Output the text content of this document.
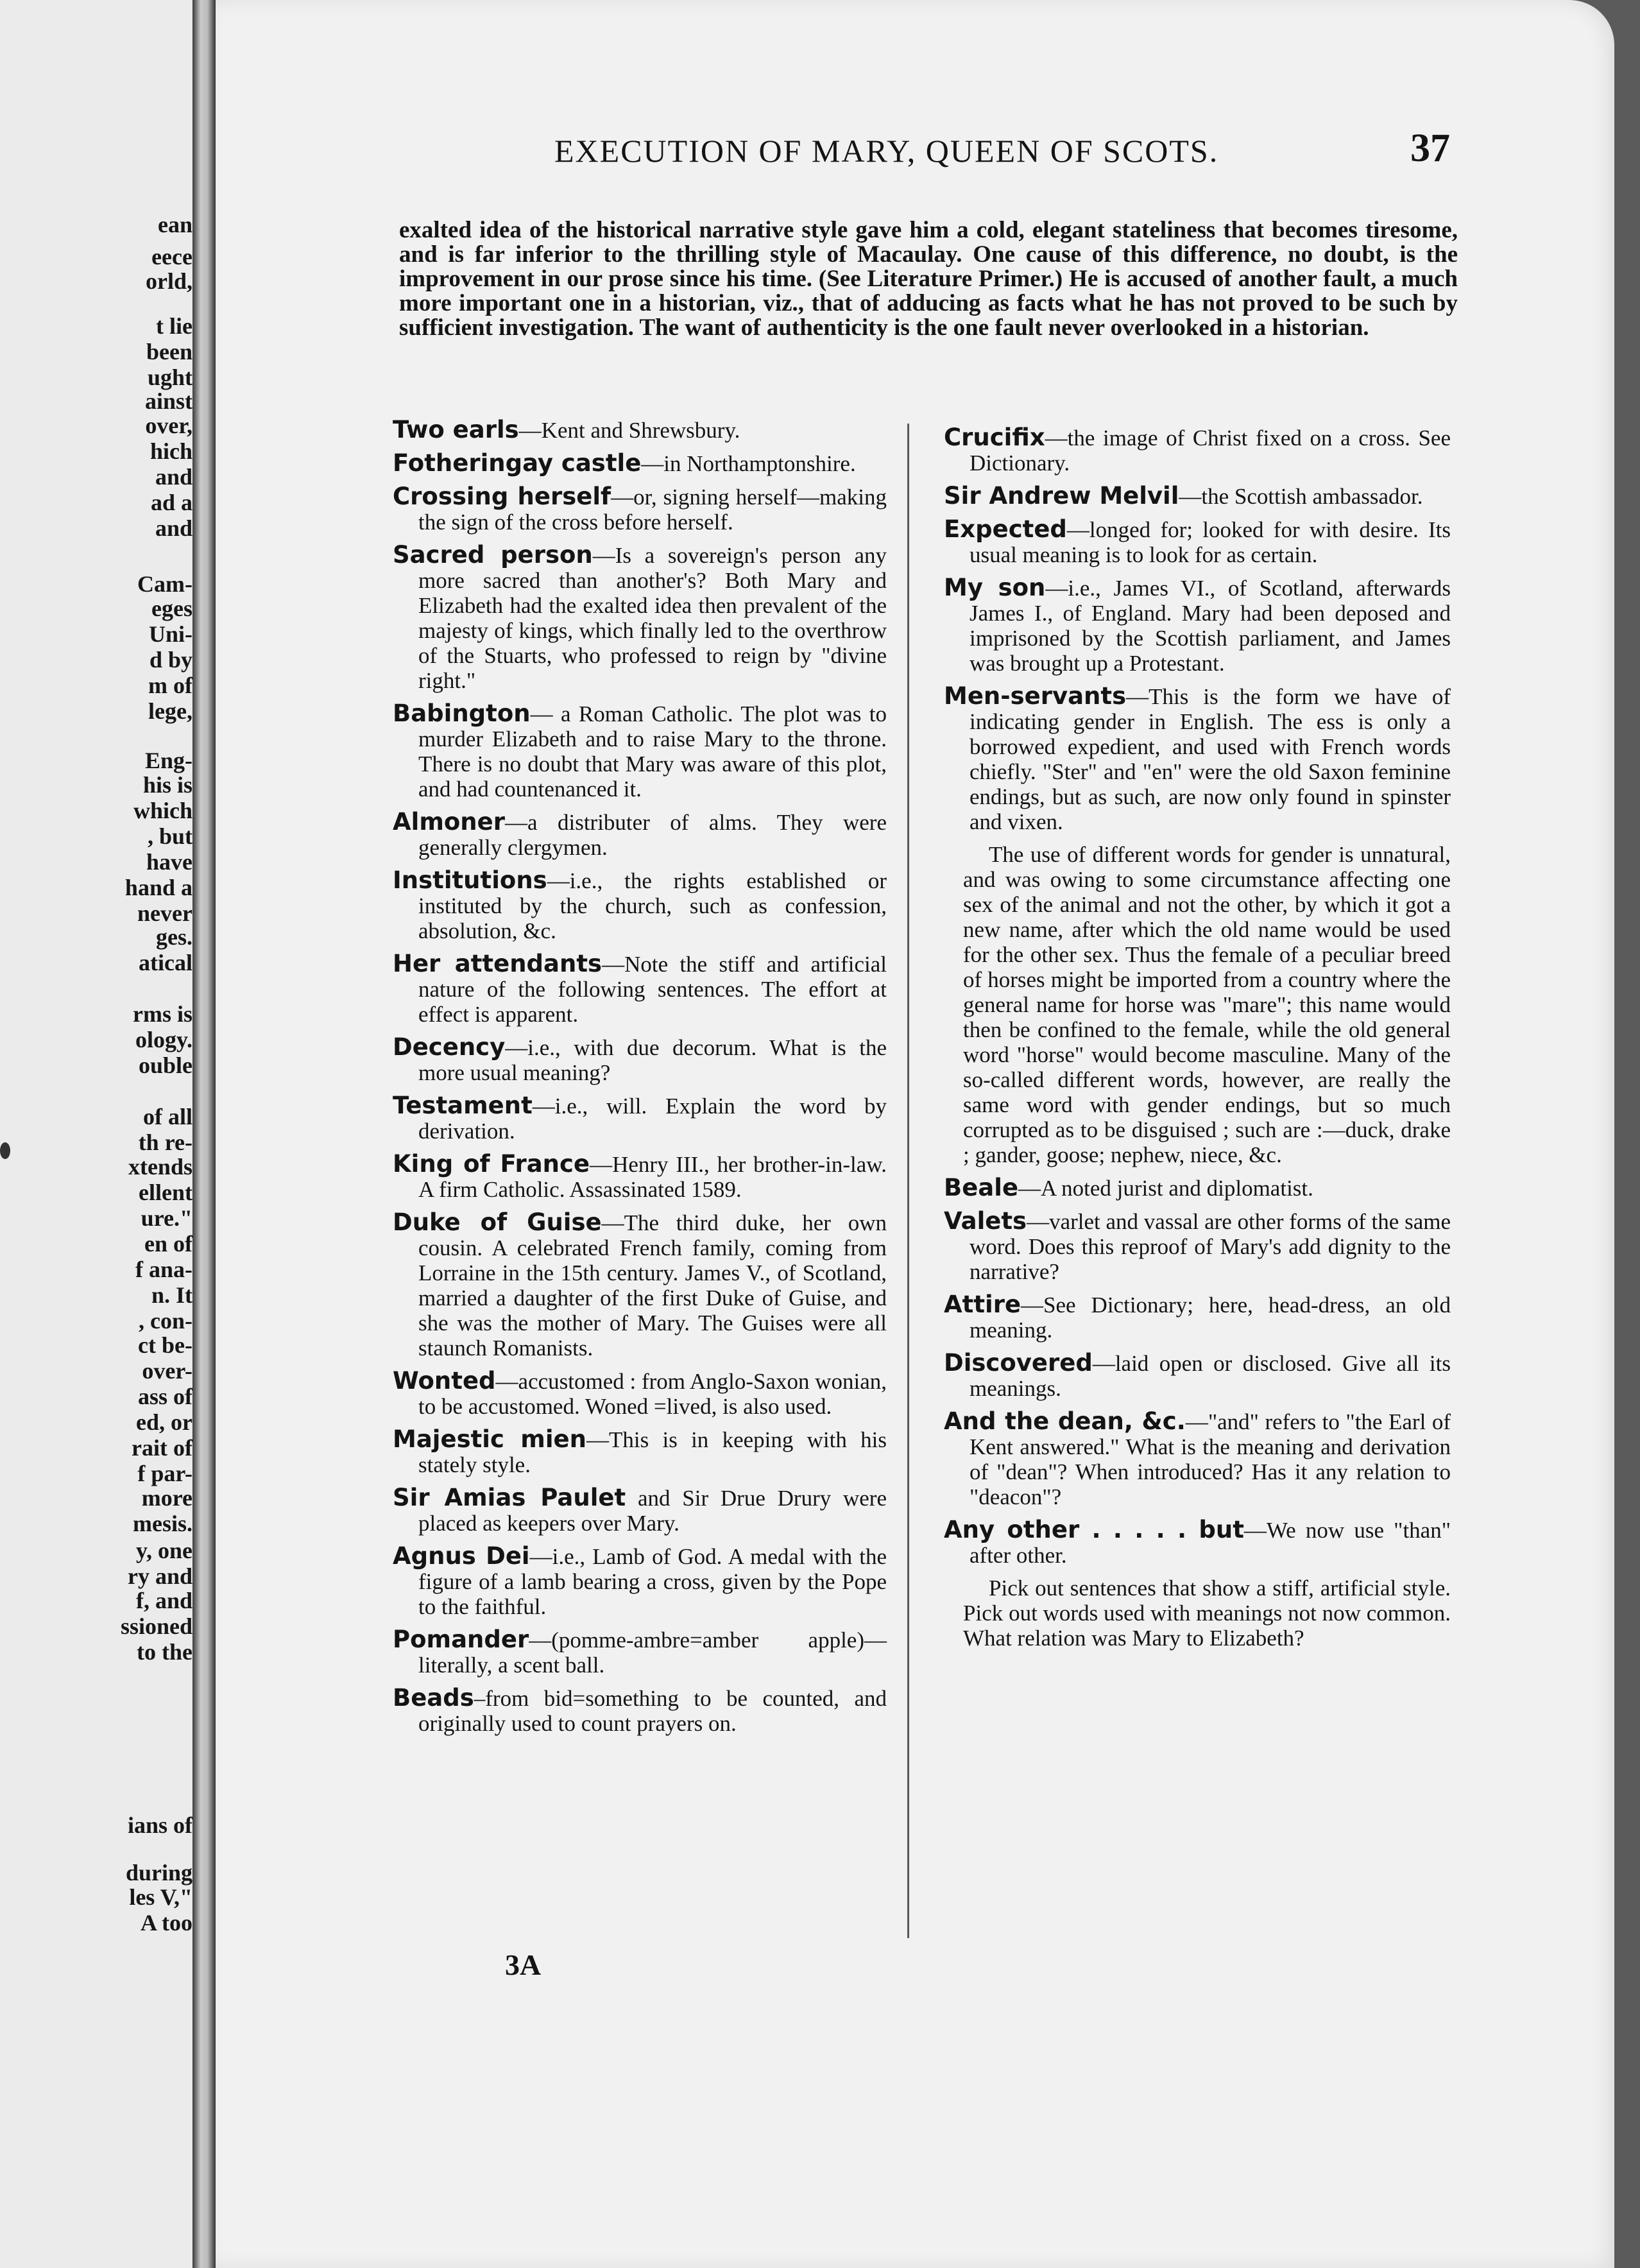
ean
eece
orld,
t lie
been
ught
ainst
over,
hich
and
ad a
and
Cam-
eges
Uni-
d by
m of
lege,
Eng-
his is
which
, but
have
hand a
never
ges.
atical
rms is
ology.
ouble
of all
th re-
xtends
ellent
ure."
en of
f ana-
n. It
, con-
ct be-
over-
ass of
ed, or
rait of
f par-
more
mesis.
y, one
ry and
f, and
ssioned
to the
ians of
during
les V,"
A too
EXECUTION OF MARY, QUEEN OF SCOTS.	37

exalted idea of the historical narrative style gave him a cold, elegant stateliness that becomes tiresome, and is far inferior to the thrilling style of Macaulay. One cause of this difference, no doubt, is the improvement in our prose since his time. (See Literature Primer.) He is accused of another fault, a much more important one in a historian, viz., that of adducing as facts what he has not proved to be such by sufficient investigation. The want of authenticity is the one fault never overlooked in a historian.

Two earls—Kent and Shrewsbury.

Fotheringay castle—in Northamptonshire.

Crossing herself—or, signing herself—making the sign of the cross before herself.

Sacred person—Is a sovereign's person any more sacred than another's? Both Mary and Elizabeth had the exalted idea then prevalent of the majesty of kings, which finally led to the overthrow of the Stuarts, who professed to reign by "divine right."

Babington— a Roman Catholic. The plot was to murder Elizabeth and to raise Mary to the throne. There is no doubt that Mary was aware of this plot, and had countenanced it.

Almoner—a distributer of alms. They were generally clergymen.

Institutions—i.e., the rights established or instituted by the church, such as confession, absolution, &c.

Her attendants—Note the stiff and artificial nature of the following sentences. The effort at effect is apparent.

Decency—i.e., with due decorum. What is the more usual meaning?

Testament—i.e., will. Explain the word by derivation.

King of France—Henry III., her brother-in-law. A firm Catholic. Assassinated 1589.

Duke of Guise—The third duke, her own cousin. A celebrated French family, coming from Lorraine in the 15th century. James V., of Scotland, married a daughter of the first Duke of Guise, and she was the mother of Mary. The Guises were all staunch Romanists.

Wonted—accustomed : from Anglo-Saxon wonian, to be accustomed. Woned =lived, is also used.

Majestic mien—This is in keeping with his stately style.

Sir Amias Paulet and Sir Drue Drury were placed as keepers over Mary.

Agnus Dei—i.e., Lamb of God. A medal with the figure of a lamb bearing a cross, given by the Pope to the faithful.

Pomander—(pomme-ambre=amber apple)—literally, a scent ball.

Beads–from bid=something to be counted, and originally used to count prayers on.

Crucifix—the image of Christ fixed on a cross. See Dictionary.

Sir Andrew Melvil—the Scottish ambassador.

Expected—longed for; looked for with desire. Its usual meaning is to look for as certain.

My son—i.e., James VI., of Scotland, afterwards James I., of England. Mary had been deposed and imprisoned by the Scottish parliament, and James was brought up a Protestant.

Men-servants—This is the form we have of indicating gender in English. The ess is only a borrowed expedient, and used with French words chiefly. "Ster" and "en" were the old Saxon feminine endings, but as such, are now only found in spinster and vixen.

The use of different words for gender is unnatural, and was owing to some circumstance affecting one sex of the animal and not the other, by which it got a new name, after which the old name would be used for the other sex. Thus the female of a peculiar breed of horses might be imported from a country where the general name for horse was "mare"; this name would then be confined to the female, while the old general word "horse" would become masculine. Many of the so-called different words, however, are really the same word with gender endings, but so much corrupted as to be disguised ; such are :—duck, drake ; gander, goose; nephew, niece, &c.

Beale—A noted jurist and diplomatist.

Valets—varlet and vassal are other forms of the same word. Does this reproof of Mary's add dignity to the narrative?

Attire—See Dictionary; here, head-dress, an old meaning.

Discovered—laid open or disclosed. Give all its meanings.

And the dean, &c.—"and" refers to "the Earl of Kent answered." What is the meaning and derivation of "dean"? When introduced? Has it any relation to "deacon"?

Any other . . . . . but—We now use "than" after other.

Pick out sentences that show a stiff, artificial style. Pick out words used with meanings not now common. What relation was Mary to Elizabeth?

3A
